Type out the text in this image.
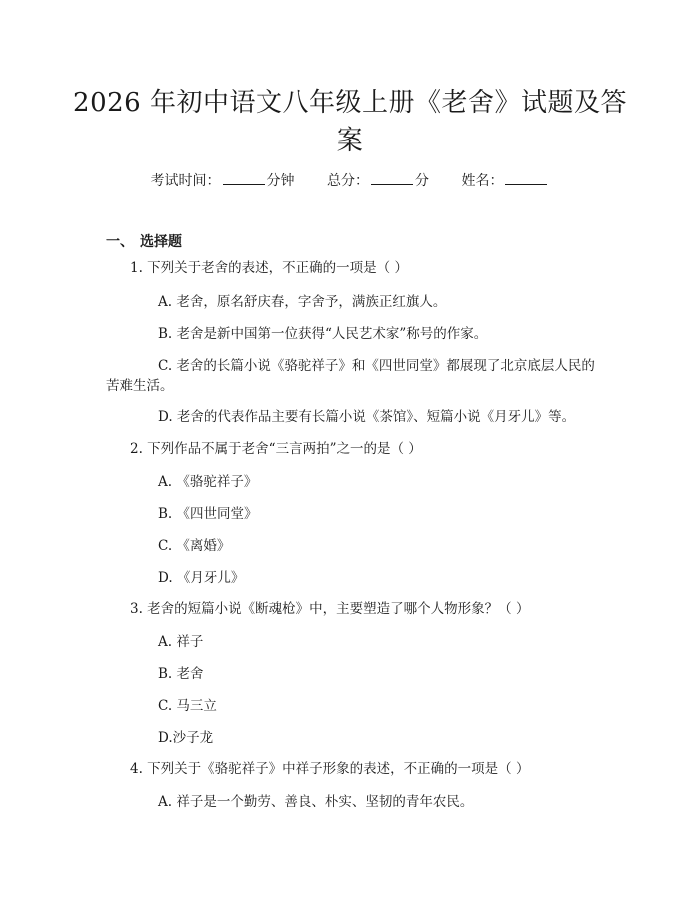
2026 年初中语文八年级上册《老舍》试题及答案
考试时间：	分钟 总分：	分 姓名：
一、 选择题
1. 下列关于老舍的表述，不正确的一项是（ ）
A. 老舍，原名舒庆春，字舍予，满族正红旗人。
B. 老舍是新中国第一位获得“人民艺术家”称号的作家。
C. 老舍的长篇小说《骆驼祥子》和《四世同堂》都展现了北京底层人民的苦难生活。
D. 老舍的代表作品主要有长篇小说《茶馆》、短篇小说《月牙儿》等。
2. 下列作品不属于老舍“三言两拍”之一的是（ ）
A. 《骆驼祥子》
B. 《四世同堂》
C. 《离婚》
D. 《月牙儿》
3. 老舍的短篇小说《断魂枪》中，主要塑造了哪个人物形象？（ ）
A. 祥子
B. 老舍
C. 马三立
D.沙子龙
4. 下列关于《骆驼祥子》中祥子形象的表述，不正确的一项是（ ）
A. 祥子是一个勤劳、善良、朴实、坚韧的青年农民。
